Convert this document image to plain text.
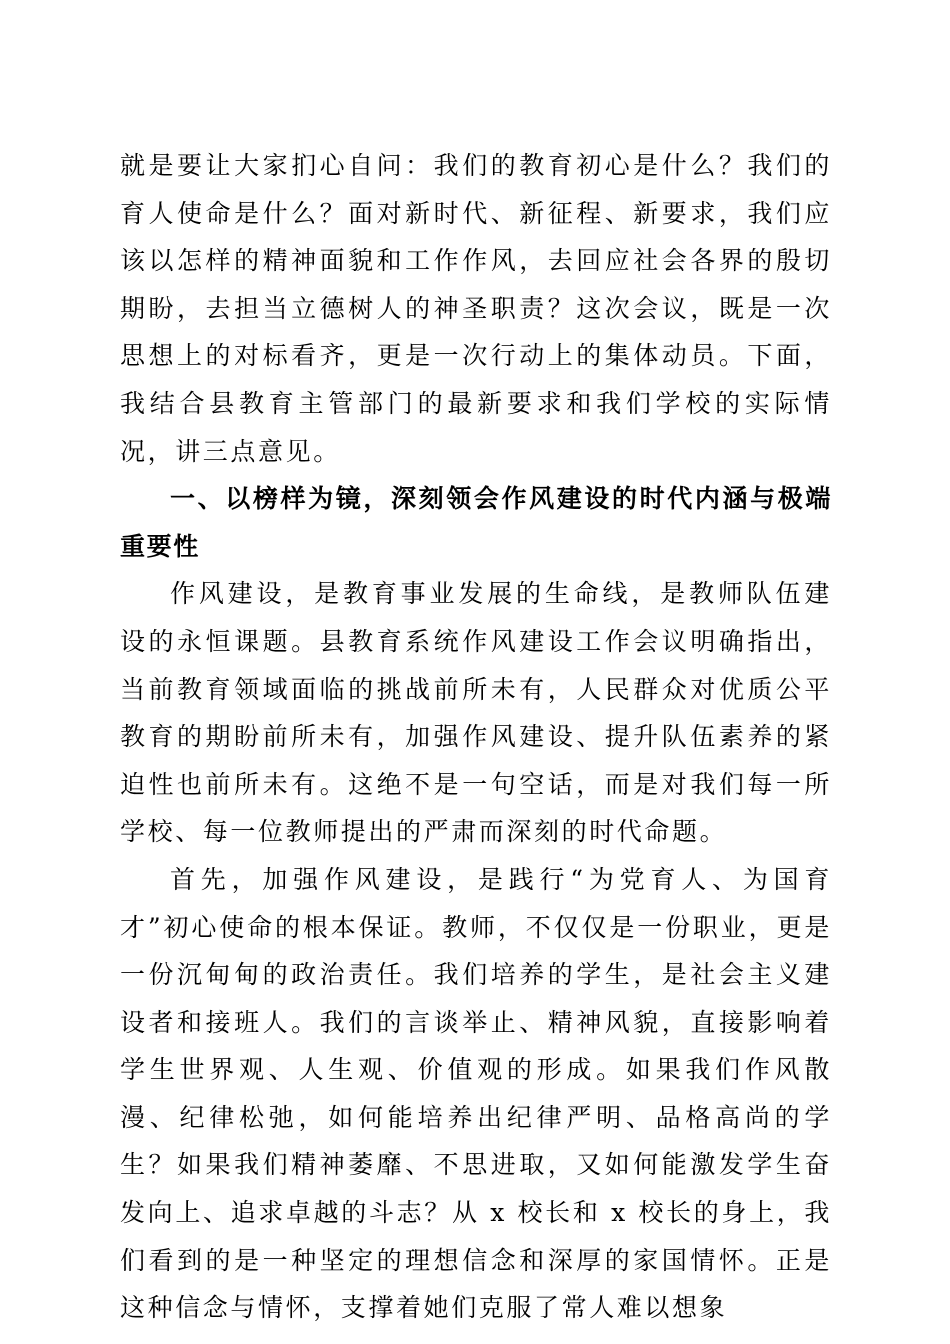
就是要让大家扪心自问：我们的教育初心是什么？我们的育人使命是什么？面对新时代、新征程、新要求，我们应该以怎样的精神面貌和工作作风，去回应社会各界的殷切期盼，去担当立德树人的神圣职责？这次会议，既是一次思想上的对标看齐，更是一次行动上的集体动员。下面，我结合县教育主管部门的最新要求和我们学校的实际情况，讲三点意见。

一、以榜样为镜，深刻领会作风建设的时代内涵与极端重要性

作风建设，是教育事业发展的生命线，是教师队伍建设的永恒课题。县教育系统作风建设工作会议明确指出，当前教育领域面临的挑战前所未有，人民群众对优质公平教育的期盼前所未有，加强作风建设、提升队伍素养的紧迫性也前所未有。这绝不是一句空话，而是对我们每一所学校、每一位教师提出的严肃而深刻的时代命题。

首先，加强作风建设，是践行“为党育人、为国育才”初心使命的根本保证。教师，不仅仅是一份职业，更是一份沉甸甸的政治责任。我们培养的学生，是社会主义建设者和接班人。我们的言谈举止、精神风貌，直接影响着学生世界观、人生观、价值观的形成。如果我们作风散漫、纪律松弛，如何能培养出纪律严明、品格高尚的学生？如果我们精神萎靡、不思进取，又如何能激发学生奋发向上、追求卓越的斗志？从 x 校长和 x 校长的身上，我们看到的是一种坚定的理想信念和深厚的家国情怀。正是这种信念与情怀，支撑着她们克服了常人难以想象
